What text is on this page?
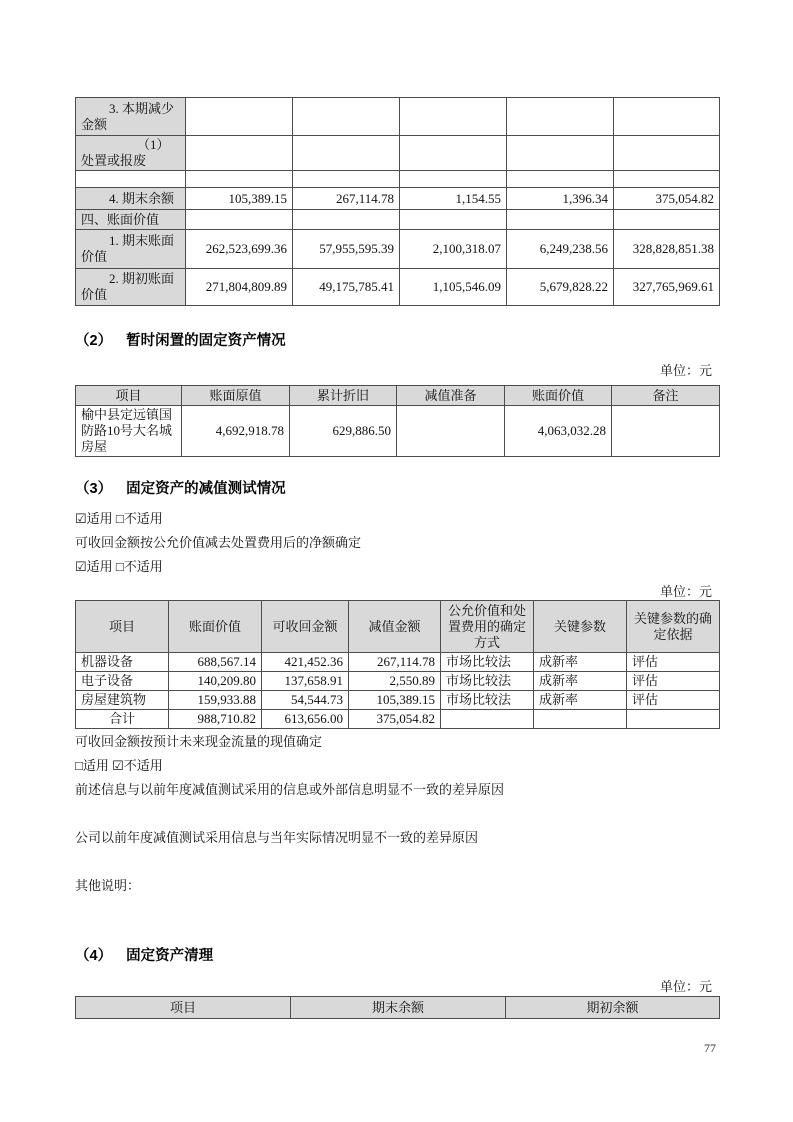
3. 本期减少金额					
（1）处置或报废					

4. 期末余额	105,389.15	267,114.78	1,154.55	1,396.34	375,054.82
四、账面价值					
1. 期末账面价值	262,523,699.36	57,955,595.39	2,100,318.07	6,249,238.56	328,828,851.38
2. 期初账面价值	271,804,809.89	49,175,785.41	1,105,546.09	5,679,828.22	327,765,969.61
（2） 暂时闲置的固定资产情况
单位：元
项目	账面原值	累计折旧	减值准备	账面价值	备注
榆中县定远镇国防路10号大名城房屋	4,692,918.78	629,886.50		4,063,032.28	
（3） 固定资产的减值测试情况
☑适用 □不适用
可收回金额按公允价值减去处置费用后的净额确定
☑适用 □不适用
单位：元
项目	账面价值	可收回金额	减值金额	公允价值和处置费用的确定方式	关键参数	关键参数的确定依据
机器设备	688,567.14	421,452.36	267,114.78	市场比较法	成新率	评估
电子设备	140,209.80	137,658.91	2,550.89	市场比较法	成新率	评估
房屋建筑物	159,933.88	54,544.73	105,389.15	市场比较法	成新率	评估
合计	988,710.82	613,656.00	375,054.82			
可收回金额按预计未来现金流量的现值确定
□适用 ☑不适用
前述信息与以前年度减值测试采用的信息或外部信息明显不一致的差异原因
公司以前年度减值测试采用信息与当年实际情况明显不一致的差异原因
其他说明：
（4） 固定资产清理
单位：元
项目	期末余额	期初余额
77
